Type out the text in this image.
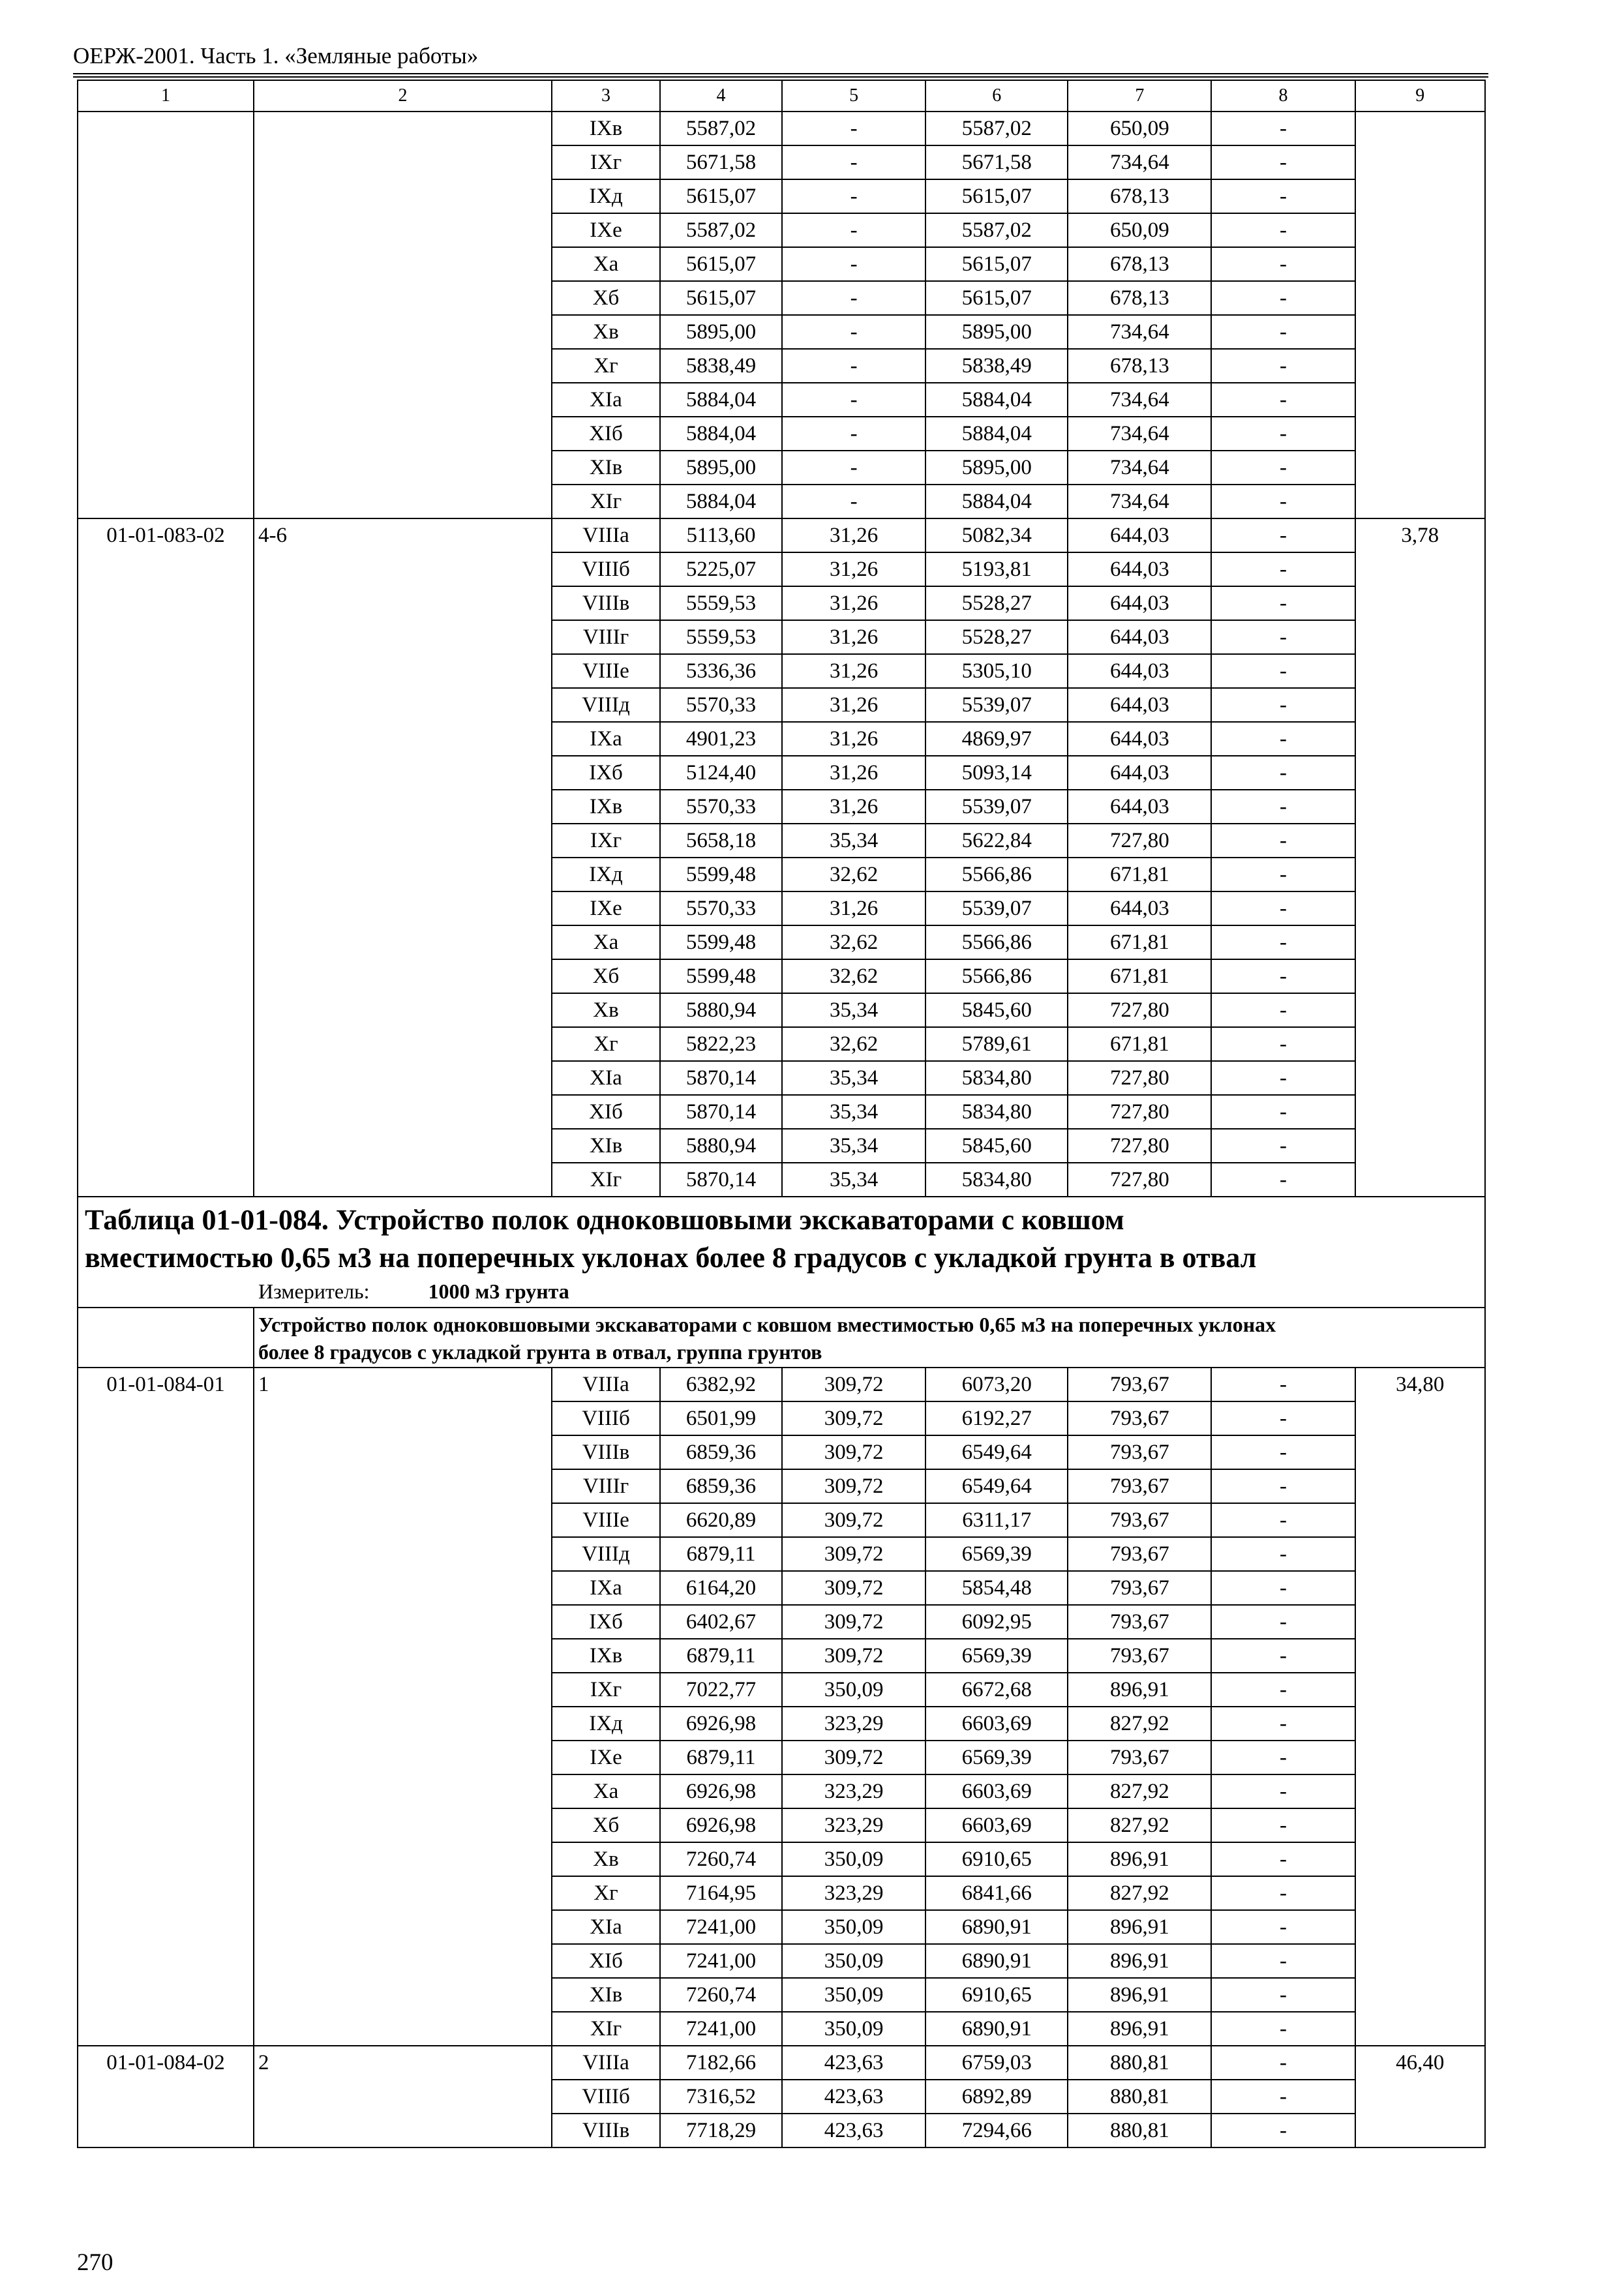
ОЕРЖ-2001. Часть 1. «Земляные работы»
1	2	3	4	5	6	7	8	9
		IXв	5587,02	-	5587,02	650,09	-	
		IXг	5671,58	-	5671,58	734,64	-	
		IXд	5615,07	-	5615,07	678,13	-	
		IXе	5587,02	-	5587,02	650,09	-	
		Xа	5615,07	-	5615,07	678,13	-	
		Xб	5615,07	-	5615,07	678,13	-	
		Xв	5895,00	-	5895,00	734,64	-	
		Xг	5838,49	-	5838,49	678,13	-	
		XIа	5884,04	-	5884,04	734,64	-	
		XIб	5884,04	-	5884,04	734,64	-	
		XIв	5895,00	-	5895,00	734,64	-	
		XIг	5884,04	-	5884,04	734,64	-	
01-01-083-02	4-6	VIIIа	5113,60	31,26	5082,34	644,03	-	3,78
		VIIIб	5225,07	31,26	5193,81	644,03	-	
		VIIIв	5559,53	31,26	5528,27	644,03	-	
		VIIIг	5559,53	31,26	5528,27	644,03	-	
		VIIIе	5336,36	31,26	5305,10	644,03	-	
		VIIIд	5570,33	31,26	5539,07	644,03	-	
		IXа	4901,23	31,26	4869,97	644,03	-	
		IXб	5124,40	31,26	5093,14	644,03	-	
		IXв	5570,33	31,26	5539,07	644,03	-	
		IXг	5658,18	35,34	5622,84	727,80	-	
		IXд	5599,48	32,62	5566,86	671,81	-	
		IXе	5570,33	31,26	5539,07	644,03	-	
		Xа	5599,48	32,62	5566,86	671,81	-	
		Xб	5599,48	32,62	5566,86	671,81	-	
		Xв	5880,94	35,34	5845,60	727,80	-	
		Xг	5822,23	32,62	5789,61	671,81	-	
		XIа	5870,14	35,34	5834,80	727,80	-	
		XIб	5870,14	35,34	5834,80	727,80	-	
		XIв	5880,94	35,34	5845,60	727,80	-	
		XIг	5870,14	35,34	5834,80	727,80	-	

Таблица 01-01-084. Устройство полок одноковшовыми экскаваторами с ковшом
вместимостью 0,65 м3 на поперечных уклонах более 8 градусов с укладкой грунта в отвал
Измеритель: 1000 м3 грунта								

	Устройство полок одноковшовыми экскаваторами с ковшом вместимостью 0,65 м3 на поперечных уклонах
более 8 градусов с укладкой грунта в отвал, группа грунтов							

01-01-084-01	1	VIIIа	6382,92	309,72	6073,20	793,67	-	34,80
		VIIIб	6501,99	309,72	6192,27	793,67	-	
		VIIIв	6859,36	309,72	6549,64	793,67	-	
		VIIIг	6859,36	309,72	6549,64	793,67	-	
		VIIIе	6620,89	309,72	6311,17	793,67	-	
		VIIIд	6879,11	309,72	6569,39	793,67	-	
		IXа	6164,20	309,72	5854,48	793,67	-	
		IXб	6402,67	309,72	6092,95	793,67	-	
		IXв	6879,11	309,72	6569,39	793,67	-	
		IXг	7022,77	350,09	6672,68	896,91	-	
		IXд	6926,98	323,29	6603,69	827,92	-	
		IXе	6879,11	309,72	6569,39	793,67	-	
		Xа	6926,98	323,29	6603,69	827,92	-	
		Xб	6926,98	323,29	6603,69	827,92	-	
		Xв	7260,74	350,09	6910,65	896,91	-	
		Xг	7164,95	323,29	6841,66	827,92	-	
		XIа	7241,00	350,09	6890,91	896,91	-	
		XIб	7241,00	350,09	6890,91	896,91	-	
		XIв	7260,74	350,09	6910,65	896,91	-	
		XIг	7241,00	350,09	6890,91	896,91	-	
01-01-084-02	2	VIIIа	7182,66	423,63	6759,03	880,81	-	46,40
		VIIIб	7316,52	423,63	6892,89	880,81	-	
		VIIIв	7718,29	423,63	7294,66	880,81	-	
270
